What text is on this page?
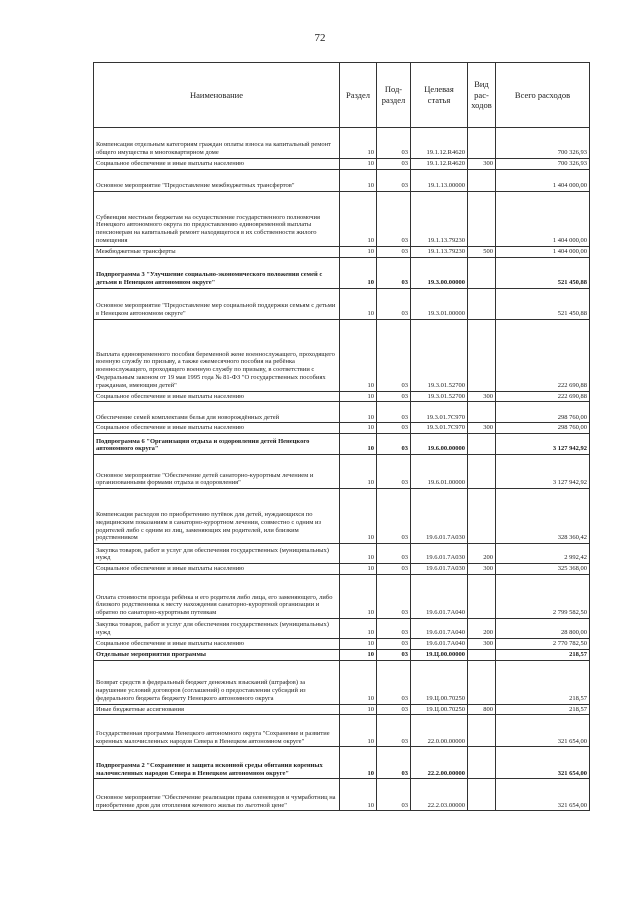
72
Наименование	Раздел	Под-раздел	Целевая статья	Вид рас-ходов	Всего расходов
Компенсация отдельным категориям граждан оплаты взноса на капитальный ремонт общего имущества в многоквартирном доме	10	03	19.1.12.R4620		700 326,93
Социальное обеспечение и иные выплаты населению	10	03	19.1.12.R4620	300	700 326,93
Основное мероприятие "Предоставление межбюджетных трансфертов"	10	03	19.1.13.00000		1 404 000,00
Субвенции местным бюджетам на осуществление государственного полномочия Ненецкого автономного округа по предоставлению единовременной выплаты пенсионерам на капитальный ремонт находящегося в их собственности жилого помещения	10	03	19.1.13.79230		1 404 000,00
Межбюджетные трансферты	10	03	19.1.13.79230	500	1 404 000,00
Подпрограмма 3 "Улучшение социально-экономического положения семей с детьми в Ненецком автономном округе"	10	03	19.3.00.00000		521 450,88
Основное мероприятие "Предоставление мер социальной поддержки семьям с детьми в Ненецком автономном округе"	10	03	19.3.01.00000		521 450,88
Выплата единовременного пособия беременной жене военнослужащего, проходящего военную службу по призыву, а также ежемесячного пособия на ребёнка военнослужащего, проходящего военную службу по призыву, в соответствии с Федеральным законом от 19 мая 1995 года № 81-ФЗ "О государственных пособиях гражданам, имеющим детей"	10	03	19.3.01.52700		222 690,88
Социальное обеспечение и иные выплаты населению	10	03	19.3.01.52700	300	222 690,88
Обеспечение семей комплектами белья для новорождённых детей	10	03	19.3.01.7С970		298 760,00
Социальное обеспечение и иные выплаты населению	10	03	19.3.01.7С970	300	298 760,00
Подпрограмма 6 "Организация отдыха и оздоровления детей Ненецкого автономного округа"	10	03	19.6.00.00000		3 127 942,92
Основное мероприятие "Обеспечение детей санаторно-курортным лечением и организованными формами отдыха и оздоровления"	10	03	19.6.01.00000		3 127 942,92
Компенсация расходов по приобретению путёвок для детей, нуждающихся по медицинским показаниям в санаторно-курортном лечении, совместно с одним из родителей либо с одним из лиц, заменяющих им родителей, или близким родственником	10	03	19.6.01.7А030		328 360,42
Закупка товаров, работ и услуг для обеспечения государственных (муниципальных) нужд	10	03	19.6.01.7А030	200	2 992,42
Социальное обеспечение и иные выплаты населению	10	03	19.6.01.7А030	300	325 368,00
Оплата стоимости проезда ребёнка и его родителя либо лица, его заменяющего, либо близкого родственника к месту нахождения санаторно-курортной организации и обратно по санаторно-курортным путевкам	10	03	19.6.01.7А040		2 799 582,50
Закупка товаров, работ и услуг для обеспечения государственных (муниципальных) нужд	10	03	19.6.01.7А040	200	28 800,00
Социальное обеспечение и иные выплаты населению	10	03	19.6.01.7А040	300	2 770 782,50
Отдельные мероприятия программы	10	03	19.Ц.00.00000		218,57
Возврат средств в федеральный бюджет денежных взысканий (штрафов) за нарушение условий договоров (соглашений) о предоставлении субсидий из федерального бюджета бюджету Ненецкого автономного округа	10	03	19.Ц.00.70250		218,57
Иные бюджетные ассигнования	10	03	19.Ц.00.70250	800	218,57
Государственная программа Ненецкого автономного округа "Сохранение и развитие коренных малочисленных народов Севера в Ненецком автономном округе"	10	03	22.0.00.00000		321 654,00
Подпрограмма 2 "Сохранение и защита исконной среды обитания коренных малочисленных народов Севера в Ненецком автономном округе"	10	03	22.2.00.00000		321 654,00
Основное мероприятие "Обеспечение реализации права оленеводов и чумработниц на приобретение дров для отопления кочевого жилья по льготной цене"	10	03	22.2.03.00000		321 654,00
